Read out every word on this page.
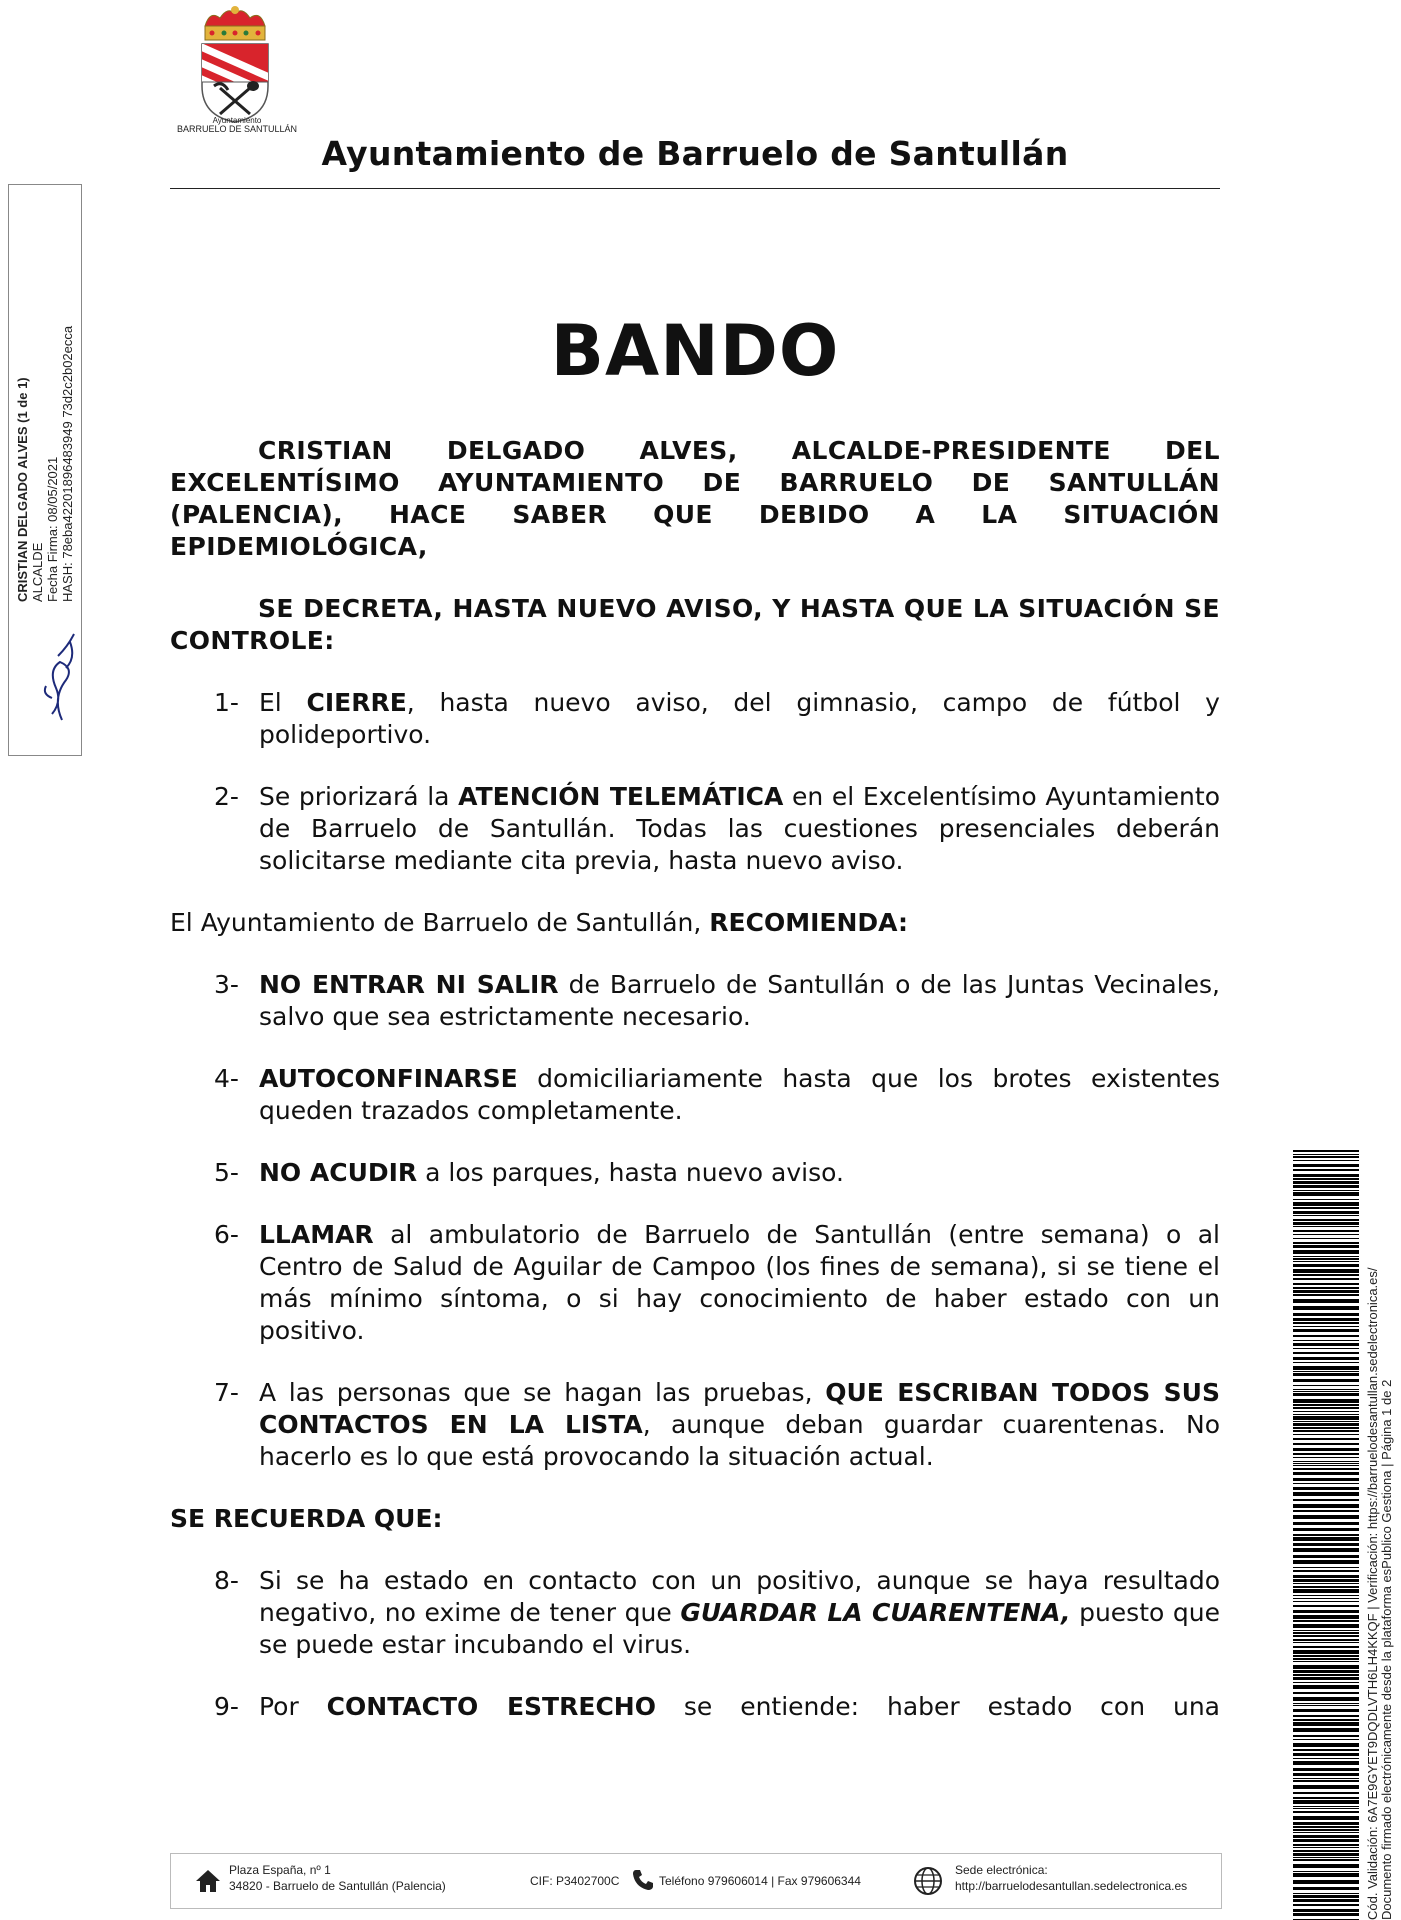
Ayuntamiento
BARRUELO DE SANTULLÁN
Ayuntamiento de Barruelo de Santullán
CRISTIAN DELGADO ALVES (1 de 1) ALCALDE Fecha Firma: 08/05/2021 HASH: 78eba42201896483949 73d2c2b02ecca	BANDO

CRISTIAN DELGADO ALVES, ALCALDE-PRESIDENTE DEL EXCELENTÍSIMO AYUNTAMIENTO DE BARRUELO DE SANTULLÁN (PALENCIA), HACE SABER QUE DEBIDO A LA SITUACIÓN EPIDEMIOLÓGICA,

SE DECRETA, HASTA NUEVO AVISO, Y HASTA QUE LA SITUACIÓN SE CONTROLE:

1- El CIERRE, hasta nuevo aviso, del gimnasio, campo de fútbol y polideportivo.
2- Se priorizará la ATENCIÓN TELEMÁTICA en el Excelentísimo Ayuntamiento de Barruelo de Santullán. Todas las cuestiones presenciales deberán solicitarse mediante cita previa, hasta nuevo aviso.

El Ayuntamiento de Barruelo de Santullán, RECOMIENDA:

3- NO ENTRAR NI SALIR de Barruelo de Santullán o de las Juntas Vecinales, salvo que sea estrictamente necesario.
4- AUTOCONFINARSE domiciliariamente hasta que los brotes existentes queden trazados completamente.
5- NO ACUDIR a los parques, hasta nuevo aviso.
6- LLAMAR al ambulatorio de Barruelo de Santullán (entre semana) o al Centro de Salud de Aguilar de Campoo (los fines de semana), si se tiene el más mínimo síntoma, o si hay conocimiento de haber estado con un positivo.
7- A las personas que se hagan las pruebas, QUE ESCRIBAN TODOS SUS CONTACTOS EN LA LISTA, aunque deban guardar cuarentenas. No hacerlo es lo que está provocando la situación actual.

SE RECUERDA QUE:

8- Si se ha estado en contacto con un positivo, aunque se haya resultado negativo, no exime de tener que GUARDAR LA CUARENTENA, puesto que se puede estar incubando el virus.
9- Por CONTACTO ESTRECHO se entiende: haber estado con una
Plaza España, nº 1
34820 - Barruelo de Santullán (Palencia)	CIF: P3402700C	Teléfono 979606014 | Fax 979606344
Sede electrónica:
http://barruelodesantullan.sedelectronica.es	Cód. Validación: 6A7E9GYET9DQDLVTH6LH4KKQF | Verificación: https://barruelodesantullan.sedelectronica.es/ Documento firmado electrónicamente desde la plataforma esPublico Gestiona | Página 1 de 2
